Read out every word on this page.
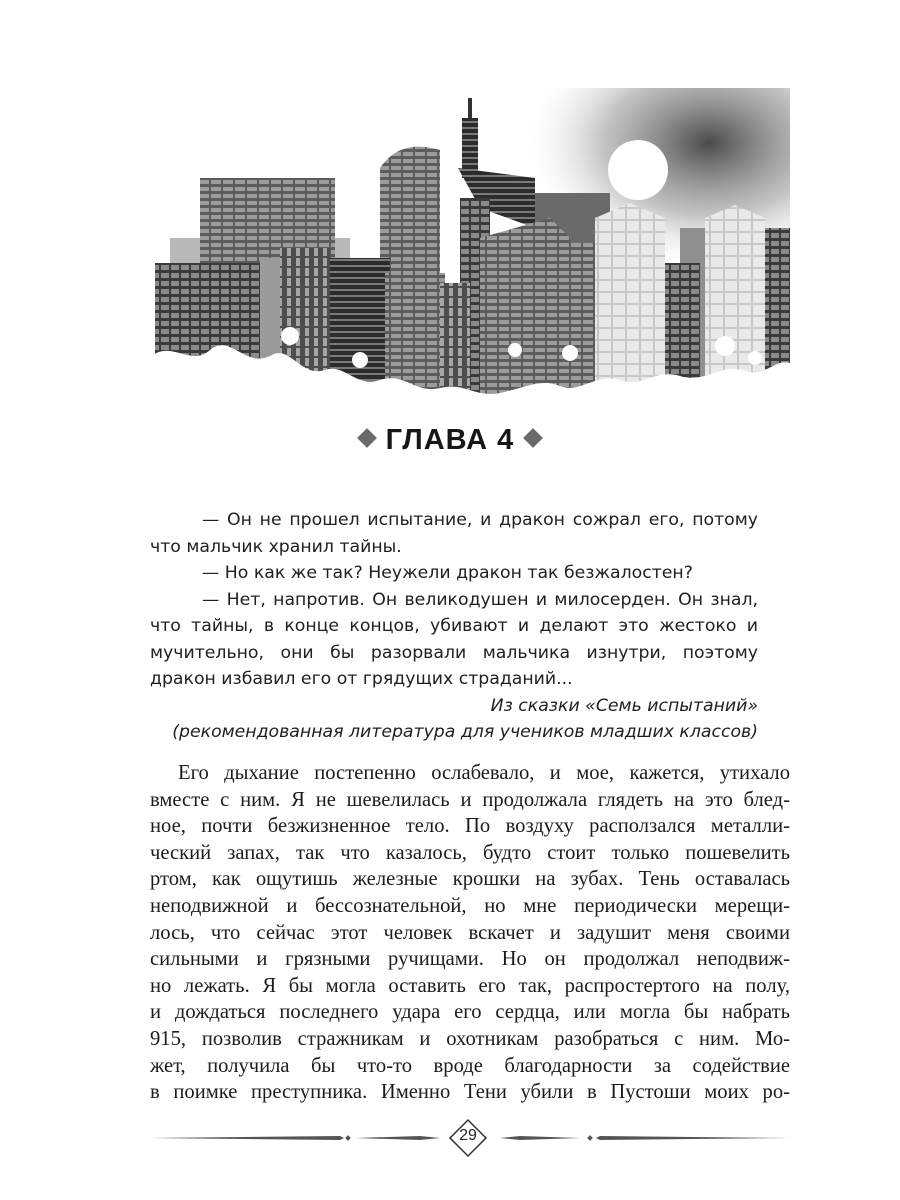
ГЛАВА 4

— Он не прошел испытание, и дракон сожрал его, потому что мальчик хранил тайны.

— Но как же так? Неужели дракон так безжалостен?

— Нет, напротив. Он великодушен и милосерден. Он знал, что тайны, в конце концов, убивают и делают это жестоко и мучительно, они бы разорвали мальчика изнутри, поэтому дракон избавил его от грядущих страданий...

Из сказки «Семь испытаний»

(рекомендованная литература для учеников младших классов)

Его дыхание постепенно ослабевало, и мое, кажется, утихало
вместе с ним. Я не шевелилась и продолжала глядеть на это блед-
ное, почти безжизненное тело. По воздуху расползался металли-
ческий запах, так что казалось, будто стоит только пошевелить
ртом, как ощутишь железные крошки на зубах. Тень оставалась
неподвижной и бессознательной, но мне периодически мерещи-
лось, что сейчас этот человек вскачет и задушит меня своими
сильными и грязными ручищами. Но он продолжал неподвиж-
но лежать. Я бы могла оставить его так, распростертого на полу,
и дождаться последнего удара его сердца, или могла бы набрать
915, позволив стражникам и охотникам разобраться с ним. Мо-
жет, получила бы что-то вроде благодарности за содействие
в поимке преступника. Именно Тени убили в Пустоши моих ро-
29
